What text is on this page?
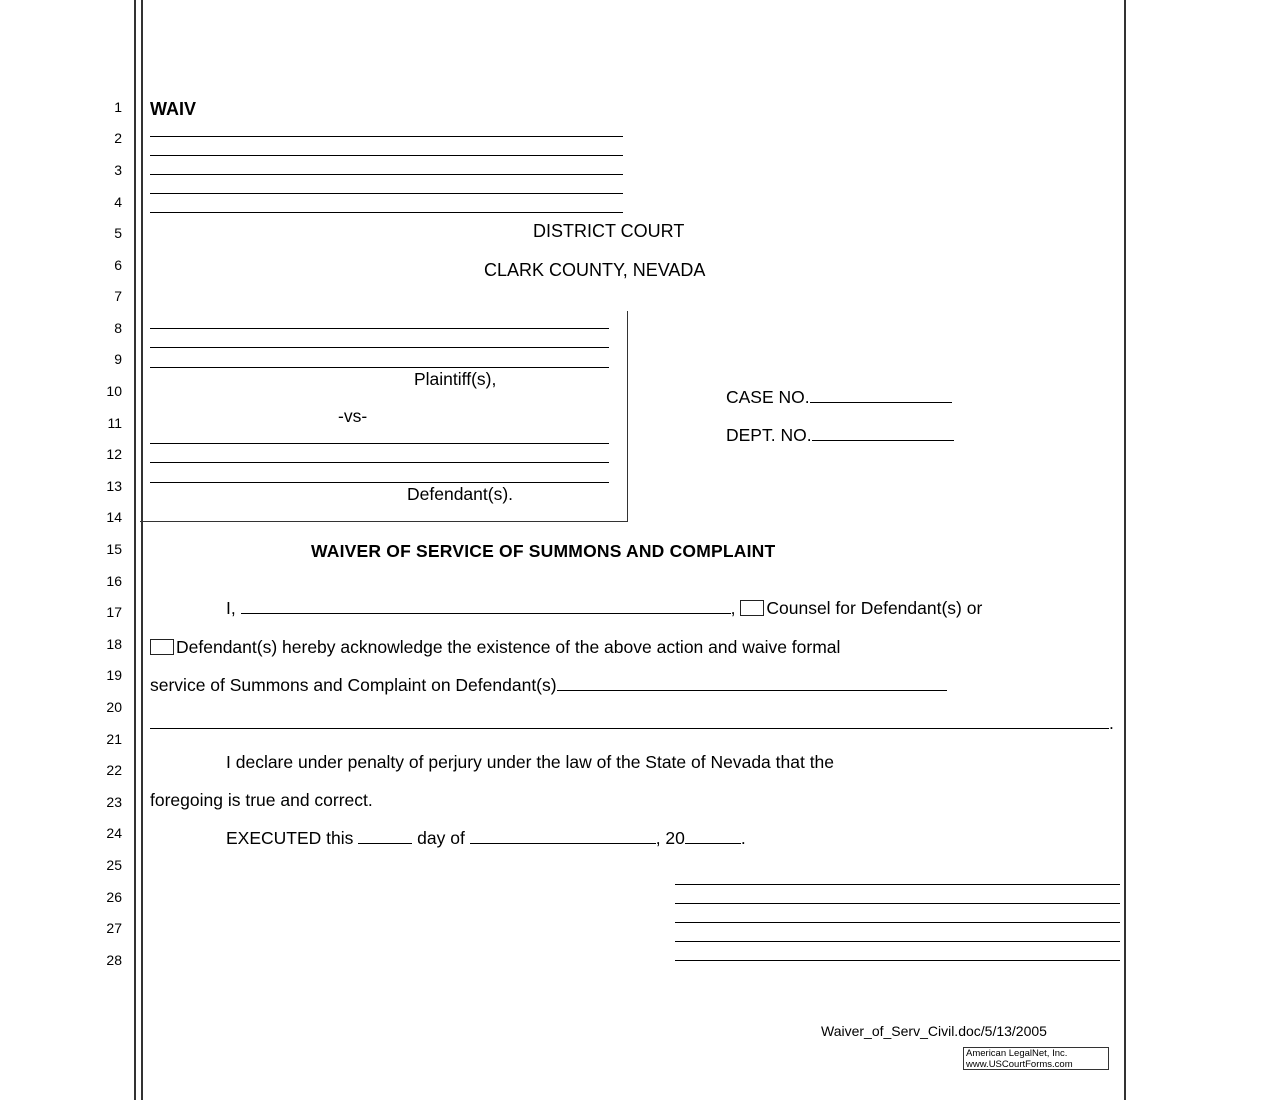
1
2
3
4
5
6
7
8
9
10
11
12
13
14
15
16
17
18
19
20
21
22
23
24
25
26
27
28
WAIV
DISTRICT COURT
CLARK COUNTY, NEVADA
Plaintiff(s),
-vs-
Defendant(s).
CASE NO.
DEPT. NO.
WAIVER OF SERVICE OF SUMMONS AND COMPLAINT
I,	, Counsel for Defendant(s) or
Defendant(s) hereby acknowledge the existence of the above action and waive formal
service of Summons and Complaint on Defendant(s)
.
I declare under penalty of perjury under the law of the State of Nevada that the
foregoing is true and correct.
EXECUTED this	day of	, 20	.
Waiver_of_Serv_Civil.doc/5/13/2005
American LegalNet, Inc.
www.USCourtForms.com
